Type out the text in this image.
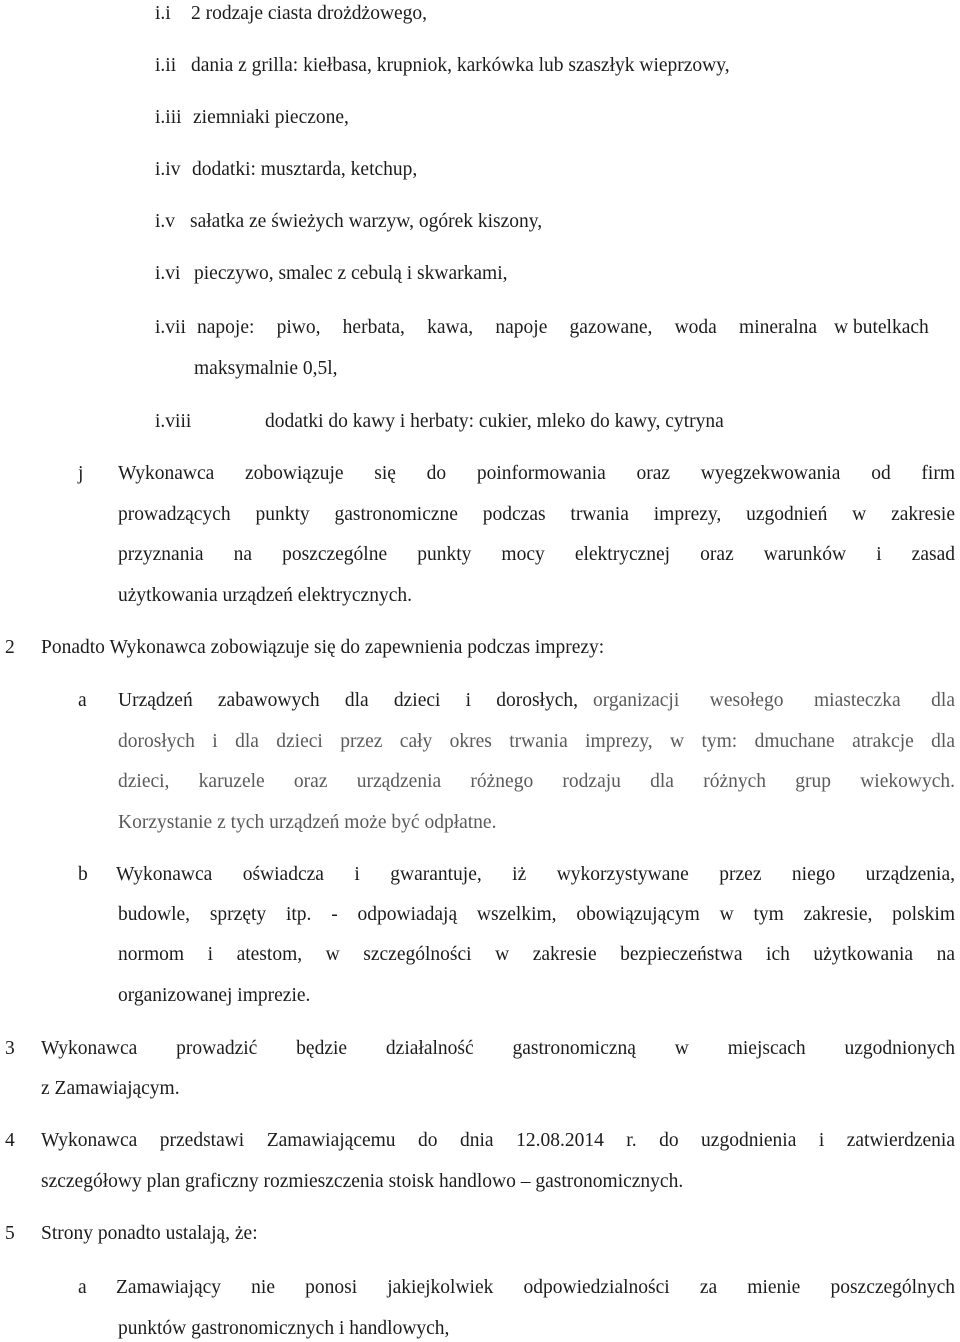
i.i 2 rodzaje ciasta drożdżowego,
i.ii dania z grilla: kiełbasa, krupniok, karkówka lub szaszłyk wieprzowy,
i.iii ziemniaki pieczone,
i.iv dodatki: musztarda, ketchup,
i.v sałatka ze świeżych warzyw, ogórek kiszony,
i.vi pieczywo, smalec z cebulą i skwarkami,
i.vii napoje: piwo, herbata, kawa, napoje gazowane, woda mineralna w butelkach
maksymalnie 0,5l,
i.viii	dodatki do kawy i herbaty: cukier, mleko do kawy, cytryna
j Wykonawca zobowiązuje się do poinformowania oraz wyegzekwowania od firm
prowadzących punkty gastronomiczne podczas trwania imprezy, uzgodnień w zakresie
przyznania na poszczególne punkty mocy elektrycznej oraz warunków i zasad
użytkowania urządzeń elektrycznych.
2 Ponadto Wykonawca zobowiązuje się do zapewnienia podczas imprezy:
a Urządzeń zabawowych dla dzieci i dorosłych, organizacji wesołego miasteczka dla
dorosłych i dla dzieci przez cały okres trwania imprezy, w tym: dmuchane atrakcje dla
dzieci, karuzele oraz urządzenia różnego rodzaju dla różnych grup wiekowych.
Korzystanie z tych urządzeń może być odpłatne.
b Wykonawca oświadcza i gwarantuje, iż wykorzystywane przez niego urządzenia,
budowle, sprzęty itp. - odpowiadają wszelkim, obowiązującym w tym zakresie, polskim
normom i atestom, w szczególności w zakresie bezpieczeństwa ich użytkowania na
organizowanej imprezie.
3 Wykonawca prowadzić będzie działalność gastronomiczną w miejscach uzgodnionych
z Zamawiającym.
4 Wykonawca przedstawi Zamawiającemu do dnia 12.08.2014 r. do uzgodnienia i zatwierdzenia
szczegółowy plan graficzny rozmieszczenia stoisk handlowo – gastronomicznych.
5 Strony ponadto ustalają, że:
a Zamawiający nie ponosi jakiejkolwiek odpowiedzialności za mienie poszczególnych
punktów gastronomicznych i handlowych,
